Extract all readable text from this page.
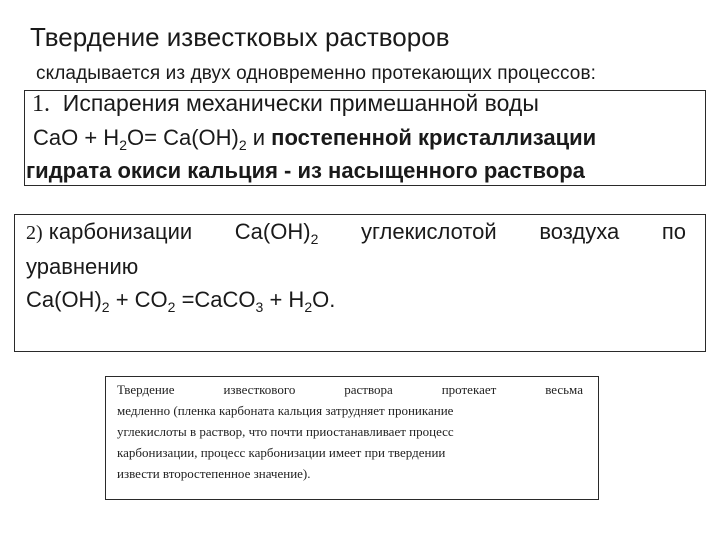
Твердение известковых растворов
складывается из двух одновременно протекающих процессов:
1. Испарения механически примешанной воды
CaO + $H_2O= Ca(OH)_2$ и постепенной кристаллизации
гидрата окиси кальция - из насыщенного раствора
2) карбонизации $Ca(OH)_2$ углекислотой воздуха по
уравнению
$Ca(OH)_2 + CO_2$ =CaCO$_3$ + $H_2O$.
Твердение	известкового	раствора	протекает	весьма
медленно (пленка карбоната кальция затрудняет проникание
углекислоты в раствор, что почти приостанавливает процесс
карбонизации, процесс карбонизации имеет при твердении
извести второстепенное значение).
